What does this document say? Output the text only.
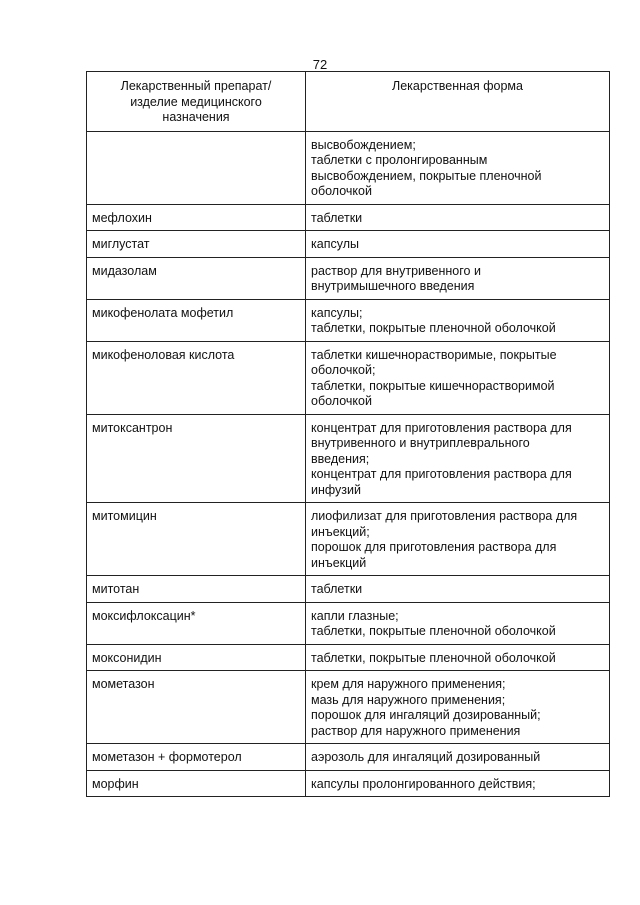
72
Лекарственный препарат/
изделие медицинского
назначения	Лекарственная форма

	высвобождением;
таблетки с пролонгированным
высвобождением, покрытые пленочной
оболочкой

мефлохин	таблетки

миглустат	капсулы

мидазолам	раствор для внутривенного и
внутримышечного введения

микофенолата мофетил	капсулы;
таблетки, покрытые пленочной оболочкой

микофеноловая кислота	таблетки кишечнорастворимые, покрытые
оболочкой;
таблетки, покрытые кишечнорастворимой
оболочкой

митоксантрон	концентрат для приготовления раствора для
внутривенного и внутриплеврального
введения;
концентрат для приготовления раствора для
инфузий

митомицин	лиофилизат для приготовления раствора для
инъекций;
порошок для приготовления раствора для
инъекций

митотан	таблетки

моксифлоксацин*	капли глазные;
таблетки, покрытые пленочной оболочкой

моксонидин	таблетки, покрытые пленочной оболочкой

мометазон	крем для наружного применения;
мазь для наружного применения;
порошок для ингаляций дозированный;
раствор для наружного применения

мометазон + формотерол	аэрозоль для ингаляций дозированный

морфин	капсулы пролонгированного действия;
